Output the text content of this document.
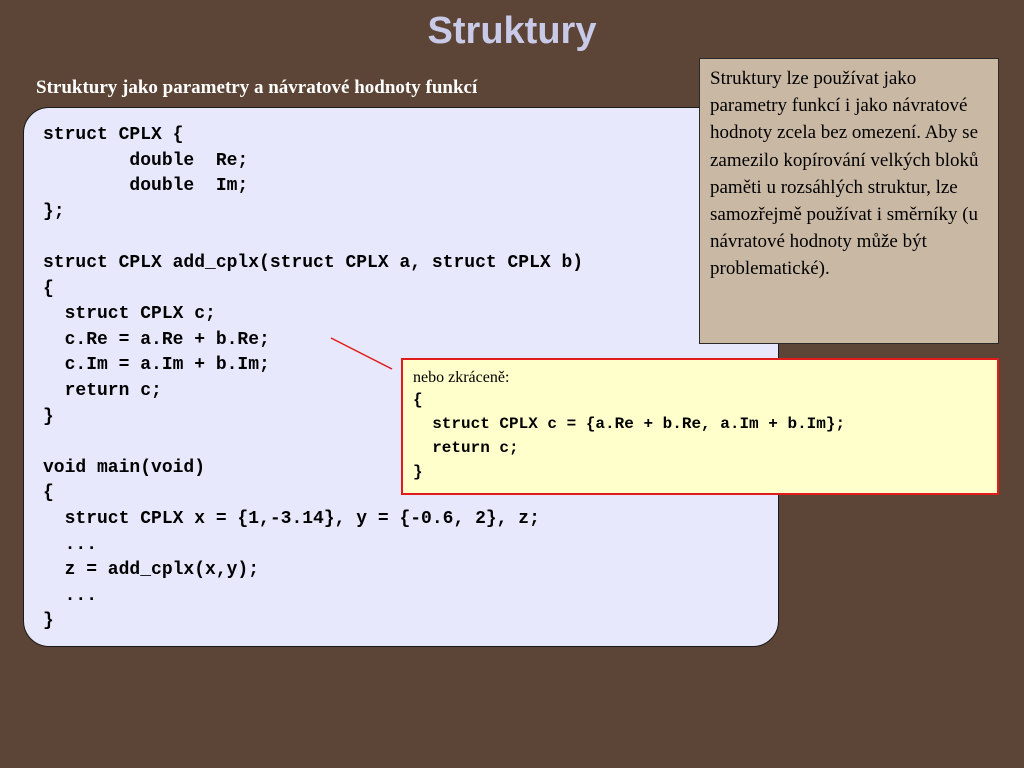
Struktury
Struktury jako parametry a návratové hodnoty funkcí
struct CPLX {
double  Re;
double  Im;
};

struct CPLX add_cplx(struct CPLX a, struct CPLX b)
{
struct CPLX c;
c.Re = a.Re + b.Re;
c.Im = a.Im + b.Im;
return c;
}

void main(void)
{
struct CPLX x = {1,-3.14}, y = {-0.6, 2}, z;
...
z = add_cplx(x,y);
...
}
Struktury lze používat jako parametry funkcí i jako návratové hodnoty zcela bez omezení. Aby se zamezilo kopírování velkých bloků paměti u rozsáhlých struktur, lze samozřejmě používat i směrníky (u návratové hodnoty může být problematické).
nebo zkráceně:
{
struct CPLX c = {a.Re + b.Re, a.Im + b.Im};
return c;
}
